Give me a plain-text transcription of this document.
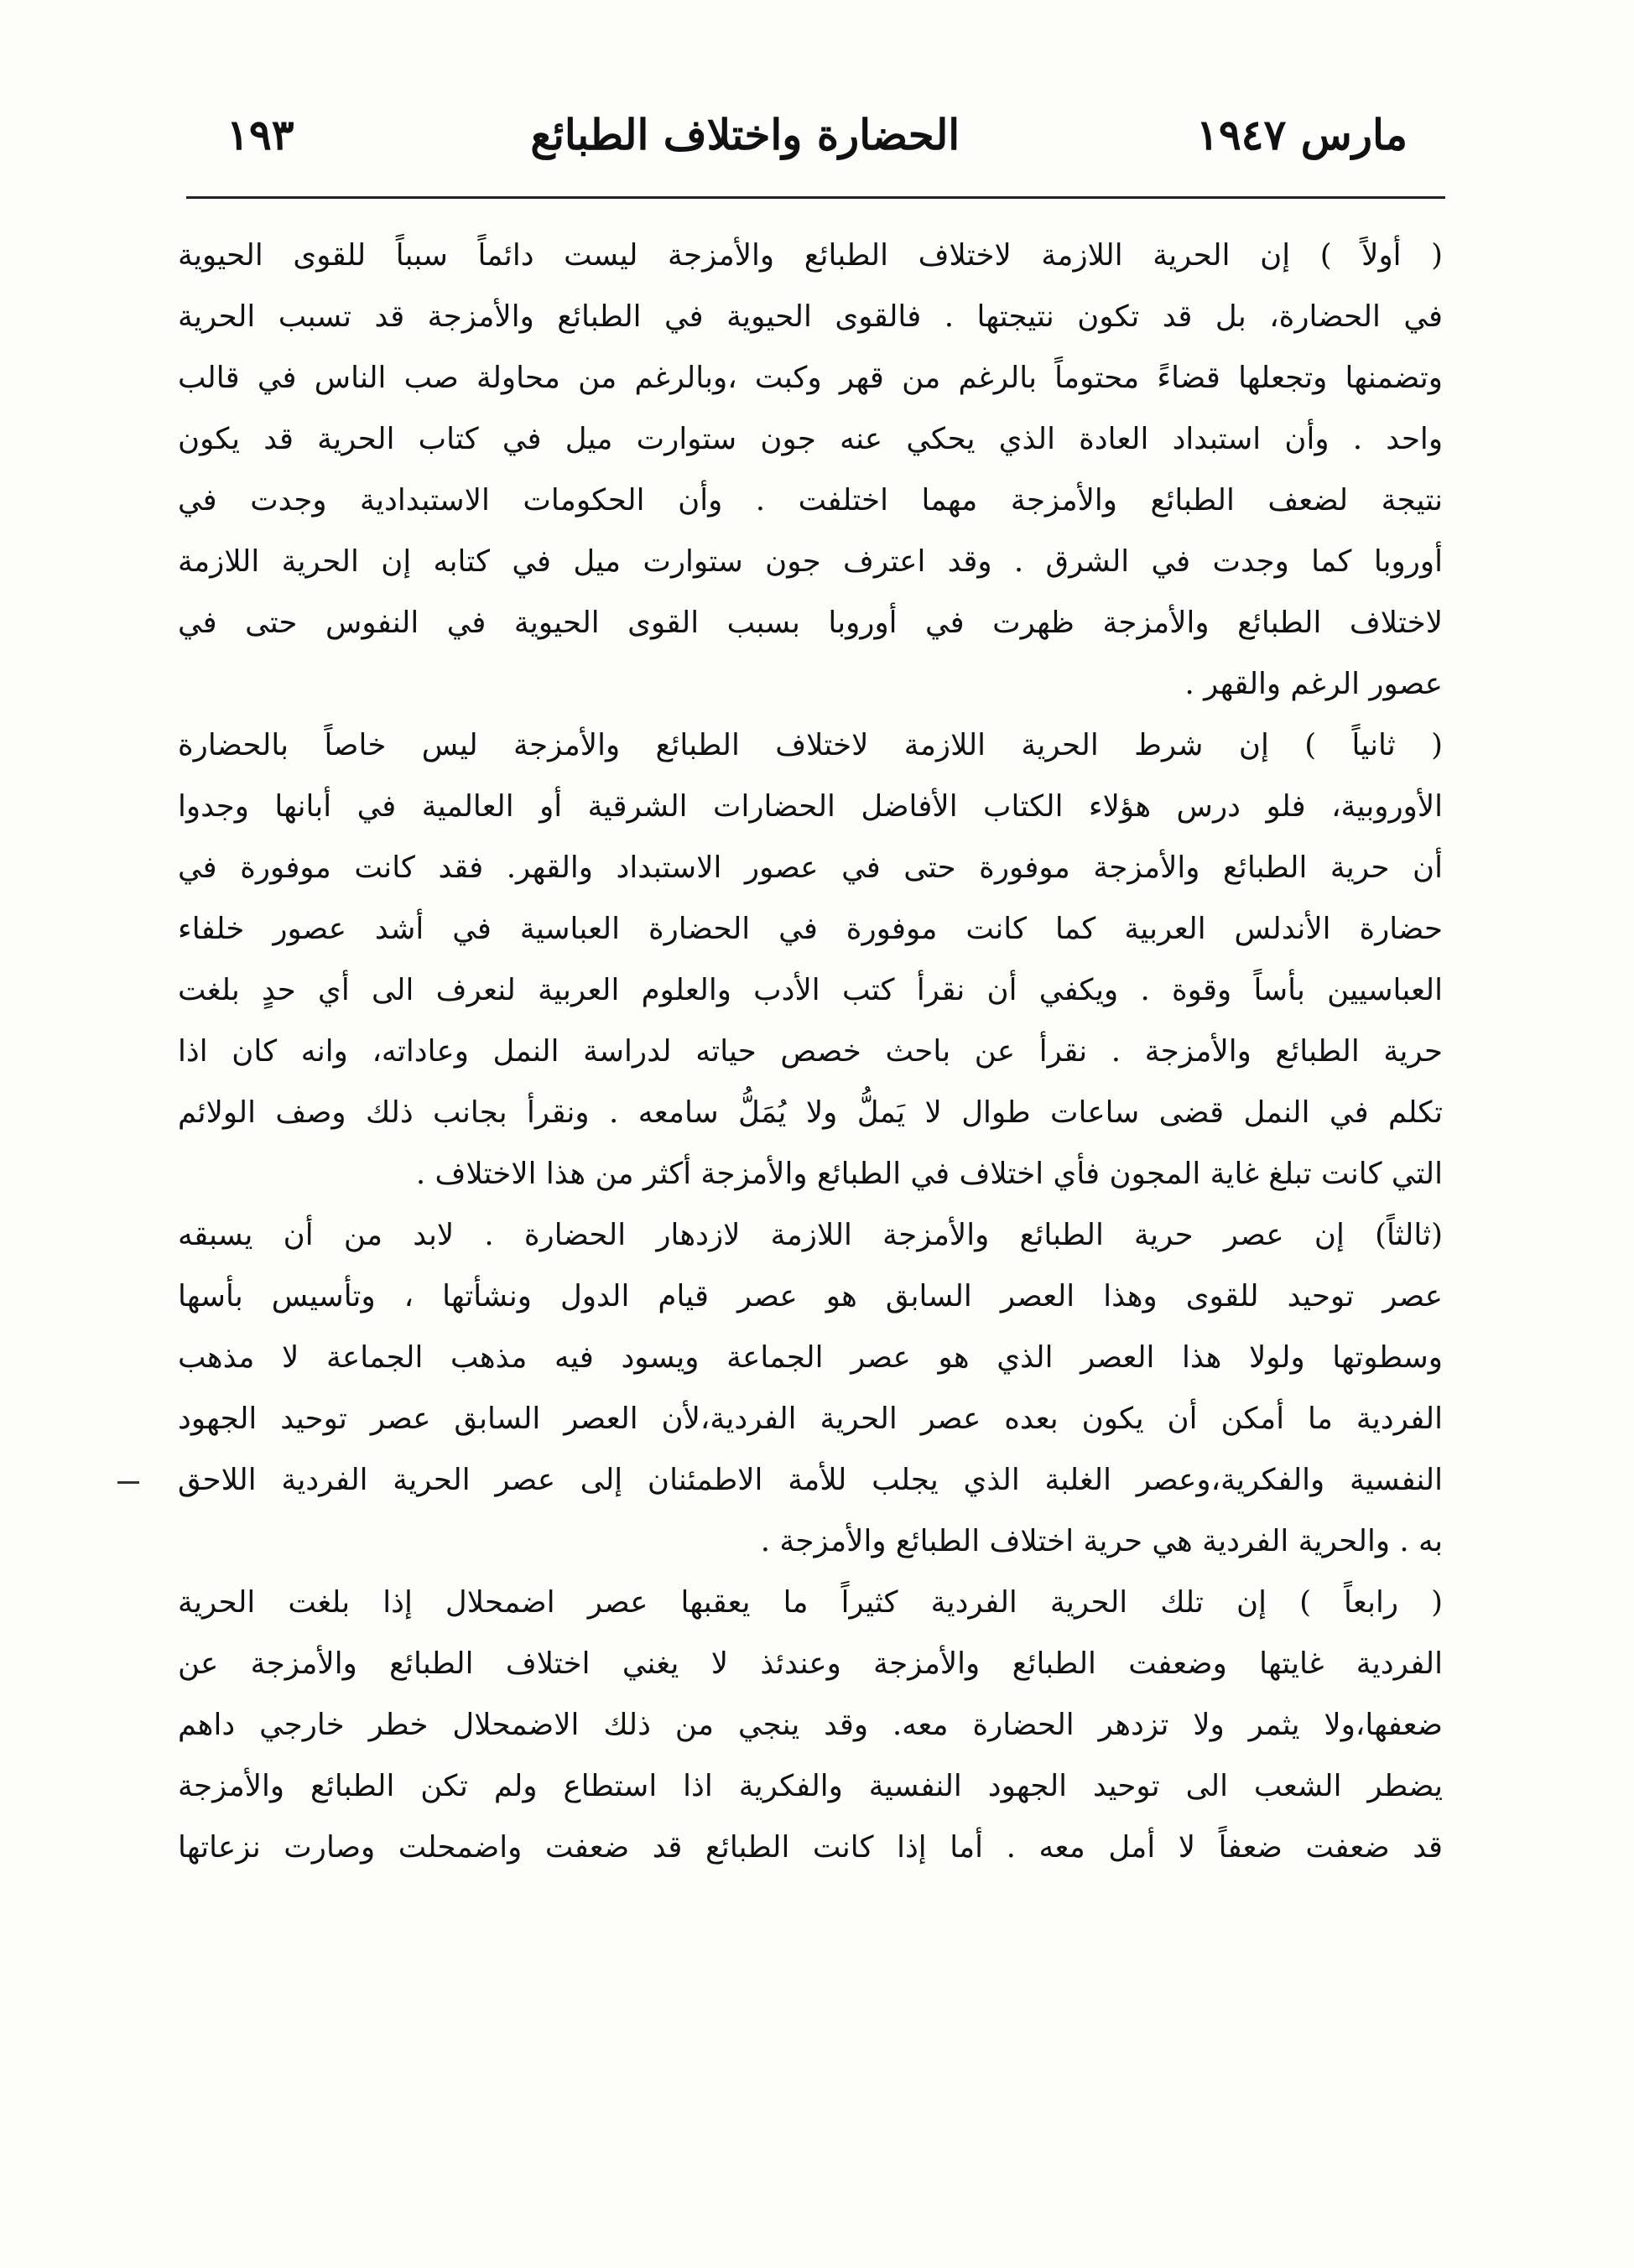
مارس ١٩٤٧
الحضارة واختلاف الطبائع
١٩٣
( أولاً ) إن الحرية اللازمة لاختلاف الطبائع والأمزجة ليست دائماً سبباً للقوى الحيوية
في الحضارة، بل قد تكون نتيجتها . فالقوى الحيوية في الطبائع والأمزجة قد تسبب الحرية
وتضمنها وتجعلها قضاءً محتوماً بالرغم من قهر وكبت ،وبالرغم من محاولة صب الناس في قالب
واحد . وأن استبداد العادة الذي يحكي عنه جون ستوارت ميل في كتاب الحرية قد يكون
نتيجة لضعف الطبائع والأمزجة مهما اختلفت . وأن الحكومات الاستبدادية وجدت في
أوروبا كما وجدت في الشرق . وقد اعترف جون ستوارت ميل في كتابه إن الحرية اللازمة
لاختلاف الطبائع والأمزجة ظهرت في أوروبا بسبب القوى الحيوية في النفوس حتى في
عصور الرغم والقهر .
( ثانياً ) إن شرط الحرية اللازمة لاختلاف الطبائع والأمزجة ليس خاصاً بالحضارة
الأوروبية، فلو درس هؤلاء الكتاب الأفاضل الحضارات الشرقية أو العالمية في أبانها وجدوا
أن حرية الطبائع والأمزجة موفورة حتى في عصور الاستبداد والقهر. فقد كانت موفورة في
حضارة الأندلس العربية كما كانت موفورة في الحضارة العباسية في أشد عصور خلفاء
العباسيين بأساً وقوة . ويكفي أن نقرأ كتب الأدب والعلوم العربية لنعرف الى أي حدٍ بلغت
حرية الطبائع والأمزجة . نقرأ عن باحث خصص حياته لدراسة النمل وعاداته، وانه كان اذا
تكلم في النمل قضى ساعات طوال لا يَملُّ ولا يُمَلُّ سامعه . ونقرأ بجانب ذلك وصف الولائم
التي كانت تبلغ غاية المجون فأي اختلاف في الطبائع والأمزجة أكثر من هذا الاختلاف .
(ثالثاً) إن عصر حرية الطبائع والأمزجة اللازمة لازدهار الحضارة . لابد من أن يسبقه
عصر توحيد للقوى وهذا العصر السابق هو عصر قيام الدول ونشأتها ، وتأسيس بأسها
وسطوتها ولولا هذا العصر الذي هو عصر الجماعة ويسود فيه مذهب الجماعة لا مذهب
الفردية ما أمكن أن يكون بعده عصر الحرية الفردية،لأن العصر السابق عصر توحيد الجهود
النفسية والفكرية،وعصر الغلبة الذي يجلب للأمة الاطمئنان إلى عصر الحرية الفردية اللاحق
به . والحرية الفردية هي حرية اختلاف الطبائع والأمزجة .
( رابعاً ) إن تلك الحرية الفردية كثيراً ما يعقبها عصر اضمحلال إذا بلغت الحرية
الفردية غايتها وضعفت الطبائع والأمزجة وعندئذ لا يغني اختلاف الطبائع والأمزجة عن
ضعفها،ولا يثمر ولا تزدهر الحضارة معه. وقد ينجي من ذلك الاضمحلال خطر خارجي داهم
يضطر الشعب الى توحيد الجهود النفسية والفكرية اذا استطاع ولم تكن الطبائع والأمزجة
قد ضعفت ضعفاً لا أمل معه . أما إذا كانت الطبائع قد ضعفت واضمحلت وصارت نزعاتها
